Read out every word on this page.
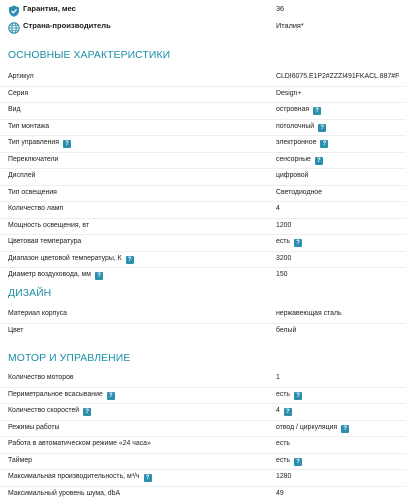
Гарантия, мес	36
Страна-производитель	Италия*
ОСНОВНЫЕ ХАРАКТЕРИСТИКИ
Артикул	CLDI6075.E1P2#ZZZI491FKACL.887#F
Серия	Design+
Вид	островная ?
Тип монтажа	потолочный ?
Тип управления ?	электронное ?
Переключатели	сенсорные ?
Дисплей	цифровой
Тип освещения	Светодиодное
Количество ламп	4
Мощность освещения, вт	1200
Цветовая температура	есть ?
Диапазон цветовой температуры, К ?	3200
Диаметр воздуховода, мм ?	150
ДИЗАЙН
Материал корпуса	нержавеющая сталь
Цвет	белый
МОТОР И УПРАВЛЕНИЕ
Количество моторов	1
Периметральное всасывание ?	есть ?
Количество скоростей ?	4 ?
Режимы работы	отвод / циркуляция ?
Работа в автоматическом режиме «24 часа»	есть
Таймер	есть ?
Максимальная производительность, м³/ч ?	1280
Максимальный уровень шума, dbA	49
